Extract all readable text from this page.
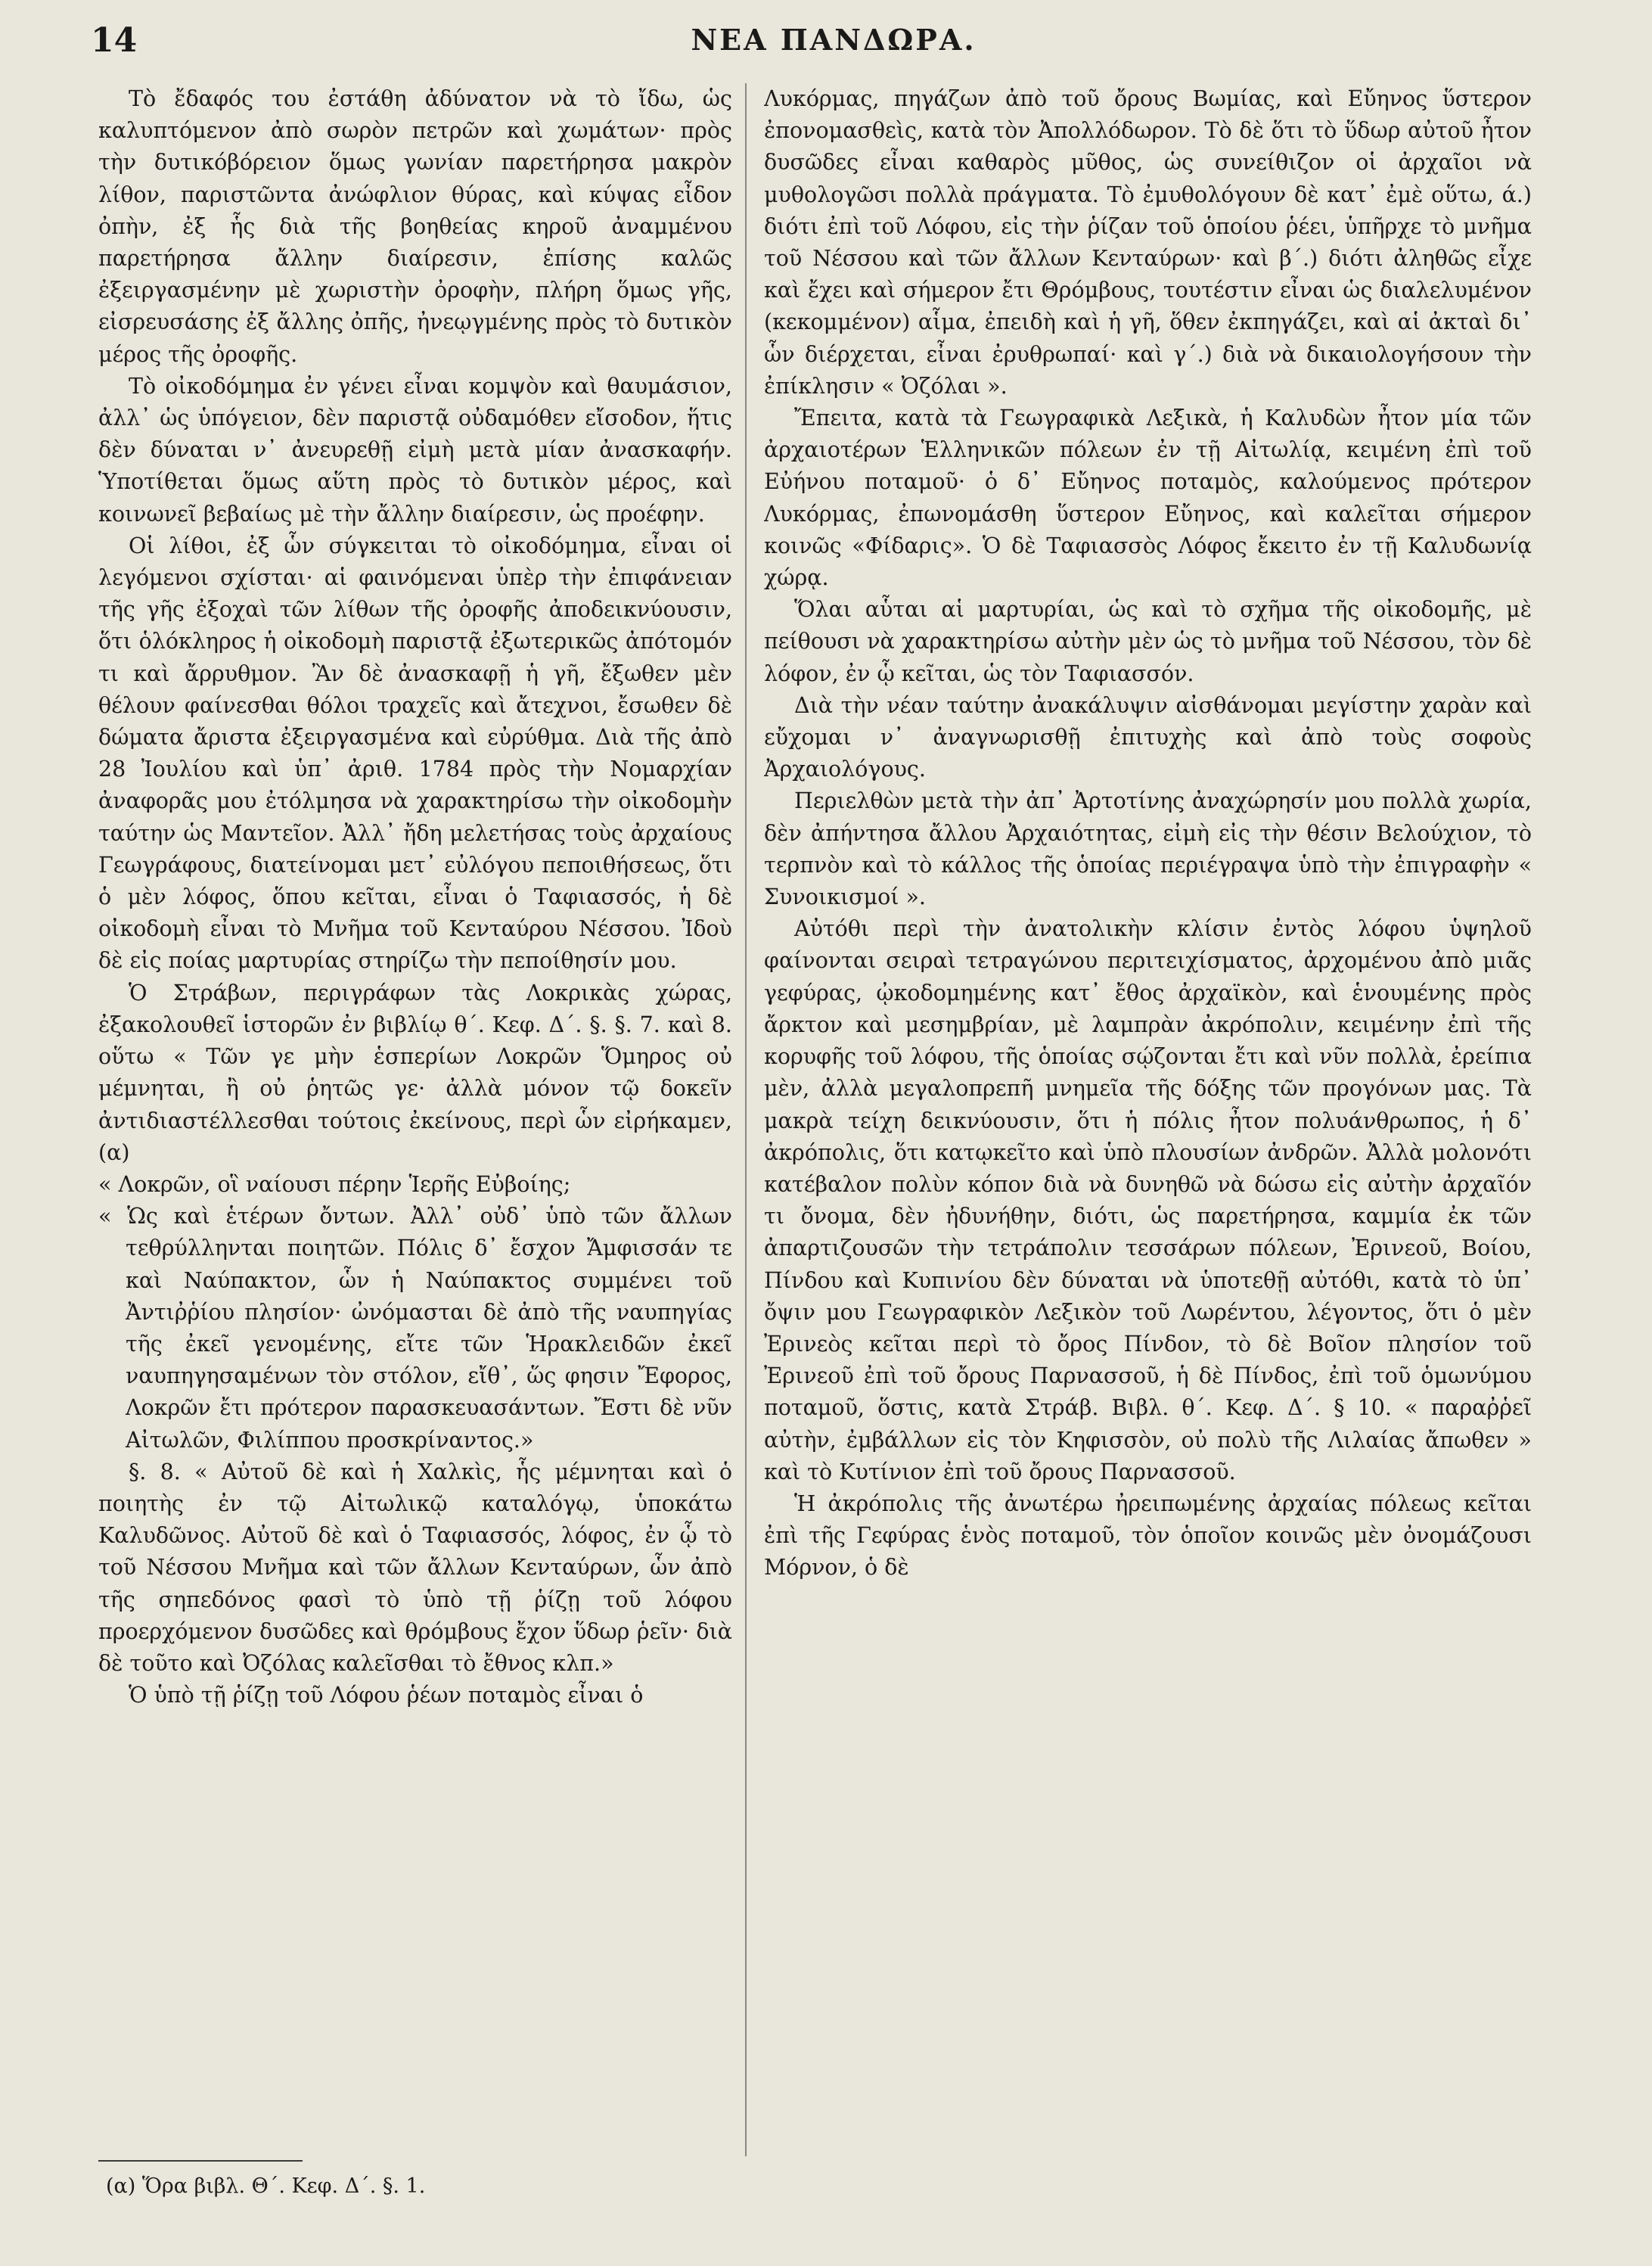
14	ΝΕΑ ΠΑΝΔΩΡΑ.

Τὸ ἔδαφός του ἐστάθη ἀδύνατον νὰ τὸ ἴδω, ὡς καλυπτόμενον ἀπὸ σωρὸν πετρῶν καὶ χωμάτων· πρὸς τὴν δυτικόβόρειον ὅμως γωνίαν παρετήρησα μακρὸν λίθον, παριστῶντα ἀνώφλιον θύρας, καὶ κύψας εἶδον ὀπὴν, ἐξ ἧς διὰ τῆς βοηθείας κηροῦ ἀναμμένου παρετήρησα ἄλλην διαίρεσιν, ἐπίσης καλῶς ἐξειργασμένην μὲ χωριστὴν ὀροφὴν, πλήρη ὅμως γῆς, εἰσρευσάσης ἐξ ἄλλης ὀπῆς, ἠνεῳγμένης πρὸς τὸ δυτικὸν μέρος τῆς ὀροφῆς.

Τὸ οἰκοδόμημα ἐν γένει εἶναι κομψὸν καὶ θαυμάσιον, ἀλλ᾿ ὡς ὑπόγειον, δὲν παριστᾷ οὐδαμόθεν εἴσοδον, ἥτις δὲν δύναται ν᾿ ἀνευρεθῇ εἰμὴ μετὰ μίαν ἀνασκαφήν. Ὑποτίθεται ὅμως αὕτη πρὸς τὸ δυτικὸν μέρος, καὶ κοινωνεῖ βεβαίως μὲ τὴν ἄλλην διαίρεσιν, ὡς προέφην.

Οἱ λίθοι, ἐξ ὧν σύγκειται τὸ οἰκοδόμημα, εἶναι οἱ λεγόμενοι σχίσται· αἱ φαινόμεναι ὑπὲρ τὴν ἐπιφάνειαν τῆς γῆς ἐξοχαὶ τῶν λίθων τῆς ὀροφῆς ἀποδεικνύουσιν, ὅτι ὁλόκληρος ἡ οἰκοδομὴ παριστᾷ ἐξωτερικῶς ἀπότομόν τι καὶ ἄρρυθμον. Ἂν δὲ ἀνασκαφῇ ἡ γῆ, ἔξωθεν μὲν θέλουν φαίνεσθαι θόλοι τραχεῖς καὶ ἄτεχνοι, ἔσωθεν δὲ δώματα ἄριστα ἐξειργασμένα καὶ εὐρύθμα. Διὰ τῆς ἀπὸ 28 Ἰουλίου καὶ ὑπ᾿ ἀριθ. 1784 πρὸς τὴν Νομαρχίαν ἀναφορᾶς μου ἐτόλμησα νὰ χαρακτηρίσω τὴν οἰκοδομὴν ταύτην ὡς Μαντεῖον. Ἀλλ᾿ ἤδη μελετήσας τοὺς ἀρχαίους Γεωγράφους, διατείνομαι μετ᾿ εὐλόγου πεποιθήσεως, ὅτι ὁ μὲν λόφος, ὅπου κεῖται, εἶναι ὁ Ταφιασσός, ἡ δὲ οἰκοδομὴ εἶναι τὸ Μνῆμα τοῦ Κενταύρου Νέσσου. Ἰδοὺ δὲ εἰς ποίας μαρτυρίας στηρίζω τὴν πεποίθησίν μου.

Ὁ Στράβων, περιγράφων τὰς Λοκρικὰς χώρας, ἐξακολουθεῖ ἱστορῶν ἐν βιβλίῳ θ΄. Κεφ. Δ΄. §. §. 7. καὶ 8. οὕτω « Τῶν γε μὴν ἑσπερίων Λοκρῶν Ὅμηρος οὐ μέμνηται, ἢ οὐ ῥητῶς γε· ἀλλὰ μόνον τῷ δοκεῖν ἀντιδιαστέλλεσθαι τούτοις ἐκείνους, περὶ ὧν εἰρήκαμεν, (α)

« Λοκρῶν, οἳ ναίουσι πέρην Ἱερῆς Εὐβοίης;

« Ὡς καὶ ἑτέρων ὄντων. Ἀλλ᾿ οὐδ᾿ ὑπὸ τῶν ἄλλων τεθρύλληνται ποιητῶν. Πόλις δ᾿ ἔσχον Ἄμφισσάν τε καὶ Ναύπακτον, ὧν ἡ Ναύπακτος συμμένει τοῦ Ἀντιῤῥίου πλησίον· ὠνόμασται δὲ ἀπὸ τῆς ναυπηγίας τῆς ἐκεῖ γενομένης, εἴτε τῶν Ἡρακλειδῶν ἐκεῖ ναυπηγησαμένων τὸν στόλον, εἴθ᾿, ὥς φησιν Ἔφορος, Λοκρῶν ἔτι πρότερον παρασκευασάντων. Ἔστι δὲ νῦν Αἰτωλῶν, Φιλίππου προσκρίναντος.»

§. 8. « Αὐτοῦ δὲ καὶ ἡ Χαλκὶς, ἧς μέμνηται καὶ ὁ ποιητὴς ἐν τῷ Αἰτωλικῷ καταλόγῳ, ὑποκάτω Καλυδῶνος. Αὐτοῦ δὲ καὶ ὁ Ταφιασσός, λόφος, ἐν ᾧ τὸ τοῦ Νέσσου Μνῆμα καὶ τῶν ἄλλων Κενταύρων, ὧν ἀπὸ τῆς σηπεδόνος φασὶ τὸ ὑπὸ τῇ ῥίζῃ τοῦ λόφου προερχόμενον δυσῶδες καὶ θρόμβους ἔχον ὕδωρ ῥεῖν· διὰ δὲ τοῦτο καὶ Ὀζόλας καλεῖσθαι τὸ ἔθνος κλπ.»

Ὁ ὑπὸ τῇ ῥίζῃ τοῦ Λόφου ῥέων ποταμὸς εἶναι ὁ

Λυκόρμας, πηγάζων ἀπὸ τοῦ ὄρους Βωμίας, καὶ Εὔηνος ὕστερον ἐπονομασθεὶς, κατὰ τὸν Ἀπολλόδωρον. Τὸ δὲ ὅτι τὸ ὕδωρ αὐτοῦ ἦτον δυσῶδες εἶναι καθαρὸς μῦθος, ὡς συνείθιζον οἱ ἀρχαῖοι νὰ μυθολογῶσι πολλὰ πράγματα. Τὸ ἐμυθολόγουν δὲ κατ᾿ ἐμὲ οὕτω, ά.) διότι ἐπὶ τοῦ Λόφου, εἰς τὴν ῥίζαν τοῦ ὁποίου ῥέει, ὑπῆρχε τὸ μνῆμα τοῦ Νέσσου καὶ τῶν ἄλλων Κενταύρων· καὶ β΄.) διότι ἀληθῶς εἶχε καὶ ἔχει καὶ σήμερον ἔτι Θρόμβους, τουτέστιν εἶναι ὡς διαλελυμένον (κεκομμένον) αἷμα, ἐπειδὴ καὶ ἡ γῆ, ὅθεν ἐκπηγάζει, καὶ αἱ ἀκταὶ δι᾿ ὧν διέρχεται, εἶναι ἐρυθρωπαί· καὶ γ΄.) διὰ νὰ δικαιολογήσουν τὴν ἐπίκλησιν « Ὀζόλαι ».

Ἔπειτα, κατὰ τὰ Γεωγραφικὰ Λεξικὰ, ἡ Καλυδὼν ἦτον μία τῶν ἀρχαιοτέρων Ἑλληνικῶν πόλεων ἐν τῇ Αἰτωλίᾳ, κειμένη ἐπὶ τοῦ Εὐήνου ποταμοῦ· ὁ δ᾿ Εὔηνος ποταμὸς, καλούμενος πρότερον Λυκόρμας, ἐπωνομάσθη ὕστερον Εὔηνος, καὶ καλεῖται σήμερον κοινῶς «Φίδαρις». Ὁ δὲ Ταφιασσὸς Λόφος ἔκειτο ἐν τῇ Καλυδωνίᾳ χώρᾳ.

Ὅλαι αὗται αἱ μαρτυρίαι, ὡς καὶ τὸ σχῆμα τῆς οἰκοδομῆς, μὲ πείθουσι νὰ χαρακτηρίσω αὐτὴν μὲν ὡς τὸ μνῆμα τοῦ Νέσσου, τὸν δὲ λόφον, ἐν ᾧ κεῖται, ὡς τὸν Ταφιασσόν.

Διὰ τὴν νέαν ταύτην ἀνακάλυψιν αἰσθάνομαι μεγίστην χαρὰν καὶ εὔχομαι ν᾿ ἀναγνωρισθῇ ἐπιτυχὴς καὶ ἀπὸ τοὺς σοφοὺς Ἀρχαιολόγους.

Περιελθὼν μετὰ τὴν ἀπ᾿ Ἀρτοτίνης ἀναχώρησίν μου πολλὰ χωρία, δὲν ἀπήντησα ἄλλου Ἀρχαιότητας, εἰμὴ εἰς τὴν θέσιν Βελούχιον, τὸ τερπνὸν καὶ τὸ κάλλος τῆς ὁποίας περιέγραψα ὑπὸ τὴν ἐπιγραφὴν « Συνοικισμοί ».

Αὐτόθι περὶ τὴν ἀνατολικὴν κλίσιν ἐντὸς λόφου ὑψηλοῦ φαίνονται σειραὶ τετραγώνου περιτειχίσματος, ἀρχομένου ἀπὸ μιᾶς γεφύρας, ᾠκοδομημένης κατ᾿ ἔθος ἀρχαϊκὸν, καὶ ἑνουμένης πρὸς ἄρκτον καὶ μεσημβρίαν, μὲ λαμπρὰν ἀκρόπολιν, κειμένην ἐπὶ τῆς κορυφῆς τοῦ λόφου, τῆς ὁποίας σῴζονται ἔτι καὶ νῦν πολλὰ, ἐρείπια μὲν, ἀλλὰ μεγαλοπρεπῆ μνημεῖα τῆς δόξης τῶν προγόνων μας. Τὰ μακρὰ τείχη δεικνύουσιν, ὅτι ἡ πόλις ἦτον πολυάνθρωπος, ἡ δ᾿ ἀκρόπολις, ὅτι κατῳκεῖτο καὶ ὑπὸ πλουσίων ἀνδρῶν. Ἀλλὰ μολονότι κατέβαλον πολὺν κόπον διὰ νὰ δυνηθῶ νὰ δώσω εἰς αὐτὴν ἀρχαῖόν τι ὄνομα, δὲν ἠδυνήθην, διότι, ὡς παρετήρησα, καμμία ἐκ τῶν ἀπαρτιζουσῶν τὴν τετράπολιν τεσσάρων πόλεων, Ἐρινεοῦ, Βοίου, Πίνδου καὶ Κυπινίου δὲν δύναται νὰ ὑποτεθῇ αὐτόθι, κατὰ τὸ ὑπ᾿ ὄψιν μου Γεωγραφικὸν Λεξικὸν τοῦ Λωρέντου, λέγοντος, ὅτι ὁ μὲν Ἐρινεὸς κεῖται περὶ τὸ ὄρος Πίνδον, τὸ δὲ Βοῖον πλησίον τοῦ Ἐρινεοῦ ἐπὶ τοῦ ὄρους Παρνασσοῦ, ἡ δὲ Πίνδος, ἐπὶ τοῦ ὁμωνύμου ποταμοῦ, ὅστις, κατὰ Στράβ. Βιβλ. θ΄. Κεφ. Δ΄. § 10. « παραῤῥεῖ αὐτὴν, ἐμβάλλων εἰς τὸν Κηφισσὸν, οὐ πολὺ τῆς Λιλαίας ἄπωθεν » καὶ τὸ Κυτίνιον ἐπὶ τοῦ ὄρους Παρνασσοῦ.

Ἡ ἀκρόπολις τῆς ἀνωτέρω ἠρειπωμένης ἀρχαίας πόλεως κεῖται ἐπὶ τῆς Γεφύρας ἑνὸς ποταμοῦ, τὸν ὁποῖον κοινῶς μὲν ὀνομάζουσι Μόρνον, ὁ δὲ

(α) Ὅρα βιβλ. Θ΄. Κεφ. Δ΄. §. 1.
